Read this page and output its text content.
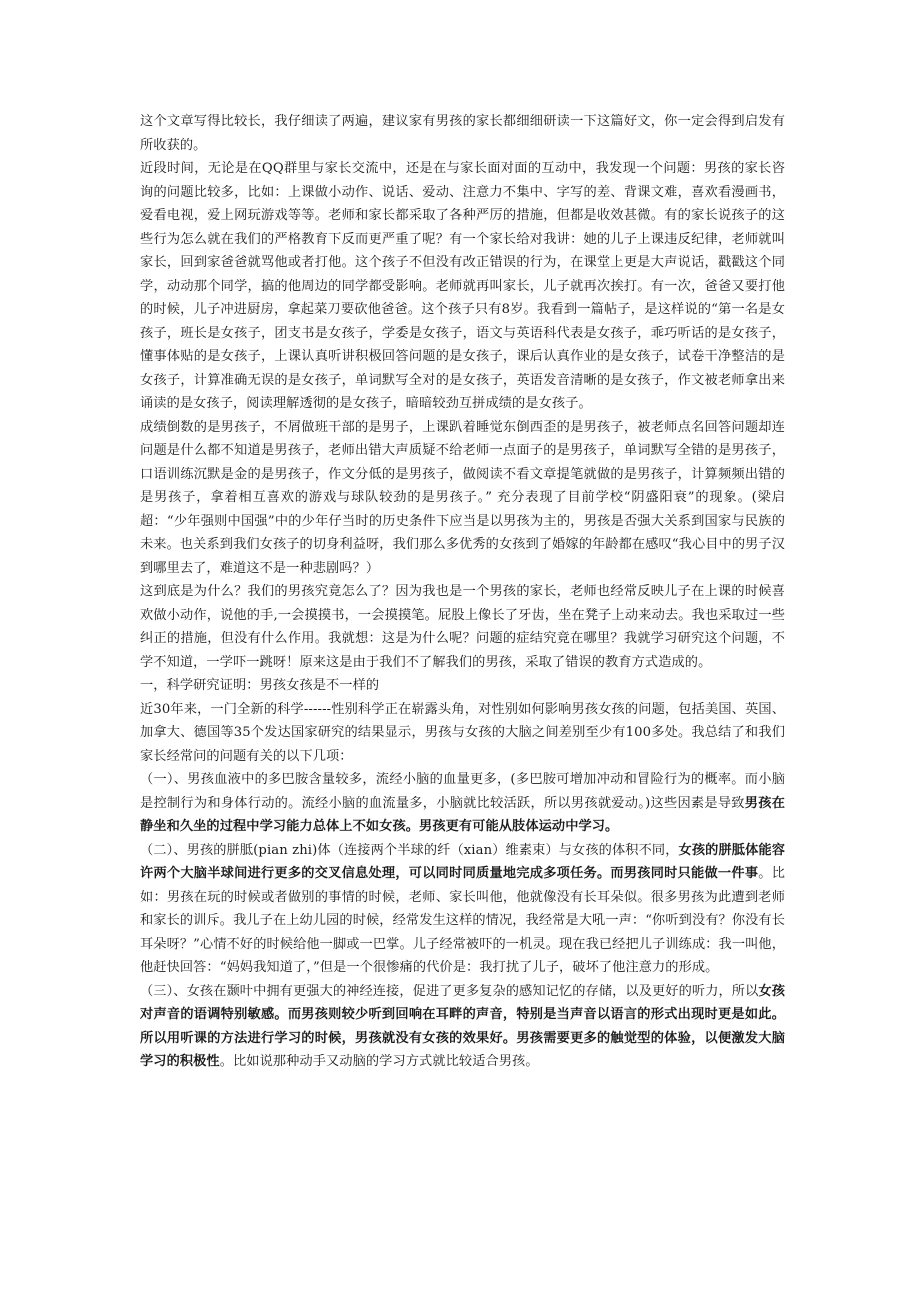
这个文章写得比较长，我仔细读了两遍，建议家有男孩的家长都细细研读一下这篇好文，你一定会得到启发有所收获的。

近段时间，无论是在QQ群里与家长交流中，还是在与家长面对面的互动中，我发现一个问题：男孩的家长咨询的问题比较多，比如：上课做小动作、说话、爱动、注意力不集中、字写的差、背课文难，喜欢看漫画书，爱看电视，爱上网玩游戏等等。老师和家长都采取了各种严厉的措施，但都是收效甚微。有的家长说孩子的这些行为怎么就在我们的严格教育下反而更严重了呢？有一个家长给对我讲：她的儿子上课违反纪律，老师就叫家长，回到家爸爸就骂他或者打他。这个孩子不但没有改正错误的行为，在课堂上更是大声说话，戳戳这个同学，动动那个同学，搞的他周边的同学都受影响。老师就再叫家长，儿子就再次挨打。有一次，爸爸又要打他的时候，儿子冲进厨房，拿起菜刀要砍他爸爸。这个孩子只有8岁。我看到一篇帖子，是这样说的“第一名是女孩子，班长是女孩子，团支书是女孩子，学委是女孩子，语文与英语科代表是女孩子，乖巧听话的是女孩子，懂事体贴的是女孩子，上课认真听讲积极回答问题的是女孩子，课后认真作业的是女孩子，试卷干净整洁的是女孩子，计算准确无误的是女孩子，单词默写全对的是女孩子，英语发音清晰的是女孩子，作文被老师拿出来诵读的是女孩子，阅读理解透彻的是女孩子，暗暗较劲互拼成绩的是女孩子。

成绩倒数的是男孩子，不屑做班干部的是男子，上课趴着睡觉东倒西歪的是男孩子，被老师点名回答问题却连问题是什么都不知道是男孩子，老师出错大声质疑不给老师一点面子的是男孩子，单词默写全错的是男孩子，口语训练沉默是金的是男孩子，作文分低的是男孩子，做阅读不看文章提笔就做的是男孩子，计算频频出错的是男孩子，拿着相互喜欢的游戏与球队较劲的是男孩子。” 充分表现了目前学校“阴盛阳衰”的现象。(梁启超：“少年强则中国强”中的少年仔当时的历史条件下应当是以男孩为主的，男孩是否强大关系到国家与民族的未来。也关系到我们女孩子的切身利益呀，我们那么多优秀的女孩到了婚嫁的年龄都在感叹“我心目中的男子汉到哪里去了，难道这不是一种悲剧吗？）

这到底是为什么？我们的男孩究竟怎么了？因为我也是一个男孩的家长，老师也经常反映儿子在上课的时候喜欢做小动作，说他的手,一会摸摸书，一会摸摸笔。屁股上像长了牙齿，坐在凳子上动来动去。我也采取过一些纠正的措施，但没有什么作用。我就想：这是为什么呢？问题的症结究竟在哪里？我就学习研究这个问题，不学不知道，一学吓一跳呀！原来这是由于我们不了解我们的男孩，采取了错误的教育方式造成的。

一，科学研究证明：男孩女孩是不一样的

近30年来，一门全新的科学------性别科学正在崭露头角，对性别如何影响男孩女孩的问题，包括美国、英国、加拿大、德国等35个发达国家研究的结果显示，男孩与女孩的大脑之间差别至少有100多处。我总结了和我们家长经常问的问题有关的以下几项：

（一）、男孩血液中的多巴胺含量较多，流经小脑的血量更多，(多巴胺可增加冲动和冒险行为的概率。而小脑是控制行为和身体行动的。流经小脑的血流量多，小脑就比较活跃，所以男孩就爱动。)这些因素是导致男孩在静坐和久坐的过程中学习能力总体上不如女孩。男孩更有可能从肢体运动中学习。

（二）、男孩的胼胝(pian zhi)体（连接两个半球的纤（xian）维素束）与女孩的体积不同，女孩的胼胝体能容许两个大脑半球间进行更多的交叉信息处理，可以同时同质量地完成多项任务。而男孩同时只能做一件事。比如：男孩在玩的时候或者做别的事情的时候，老师、家长叫他，他就像没有长耳朵似。很多男孩为此遭到老师和家长的训斥。我儿子在上幼儿园的时候，经常发生这样的情况，我经常是大吼一声：“你听到没有？你没有长耳朵呀？”心情不好的时候给他一脚或一巴掌。儿子经常被吓的一机灵。现在我已经把儿子训练成：我一叫他，他赶快回答：“妈妈我知道了，”但是一个很惨痛的代价是：我打扰了儿子，破坏了他注意力的形成。

（三）、女孩在颞叶中拥有更强大的神经连接，促进了更多复杂的感知记忆的存储，以及更好的听力，所以女孩对声音的语调特别敏感。而男孩则较少听到回响在耳畔的声音，特别是当声音以语言的形式出现时更是如此。所以用听课的方法进行学习的时候，男孩就没有女孩的效果好。男孩需要更多的触觉型的体验，以便激发大脑学习的积极性。比如说那种动手又动脑的学习方式就比较适合男孩。
